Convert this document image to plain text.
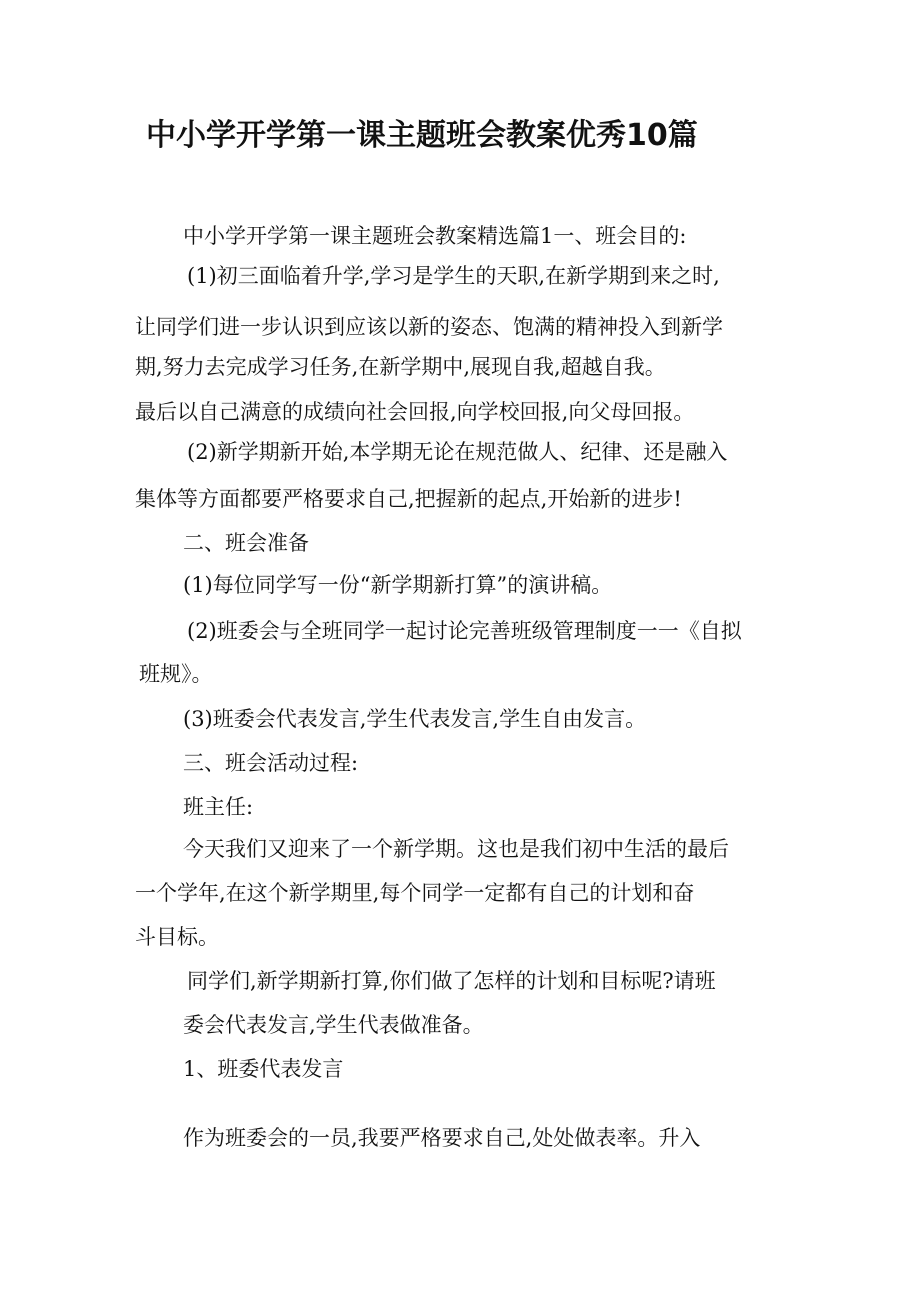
中小学开学第一课主题班会教案优秀10篇

中小学开学第一课主题班会教案精选篇1一、班会目的:

(1)初三面临着升学,学习是学生的天职,在新学期到来之时,

让同学们进一步认识到应该以新的姿态、饱满的精神投入到新学

期,努力去完成学习任务,在新学期中,展现自我,超越自我。

最后以自己满意的成绩向社会回报,向学校回报,向父母回报。

(2)新学期新开始,本学期无论在规范做人、纪律、还是融入

集体等方面都要严格要求自己,把握新的起点,开始新的进步!

二、班会准备

(1)每位同学写一份“新学期新打算”的演讲稿。

(2)班委会与全班同学一起讨论完善班级管理制度一一《自拟

班规》。

(3)班委会代表发言,学生代表发言,学生自由发言。

三、班会活动过程:

班主任:

今天我们又迎来了一个新学期。这也是我们初中生活的最后

一个学年,在这个新学期里,每个同学一定都有自己的计划和奋

斗目标。

同学们,新学期新打算,你们做了怎样的计划和目标呢?请班

委会代表发言,学生代表做准备。

1、班委代表发言

作为班委会的一员,我要严格要求自己,处处做表率。升入
